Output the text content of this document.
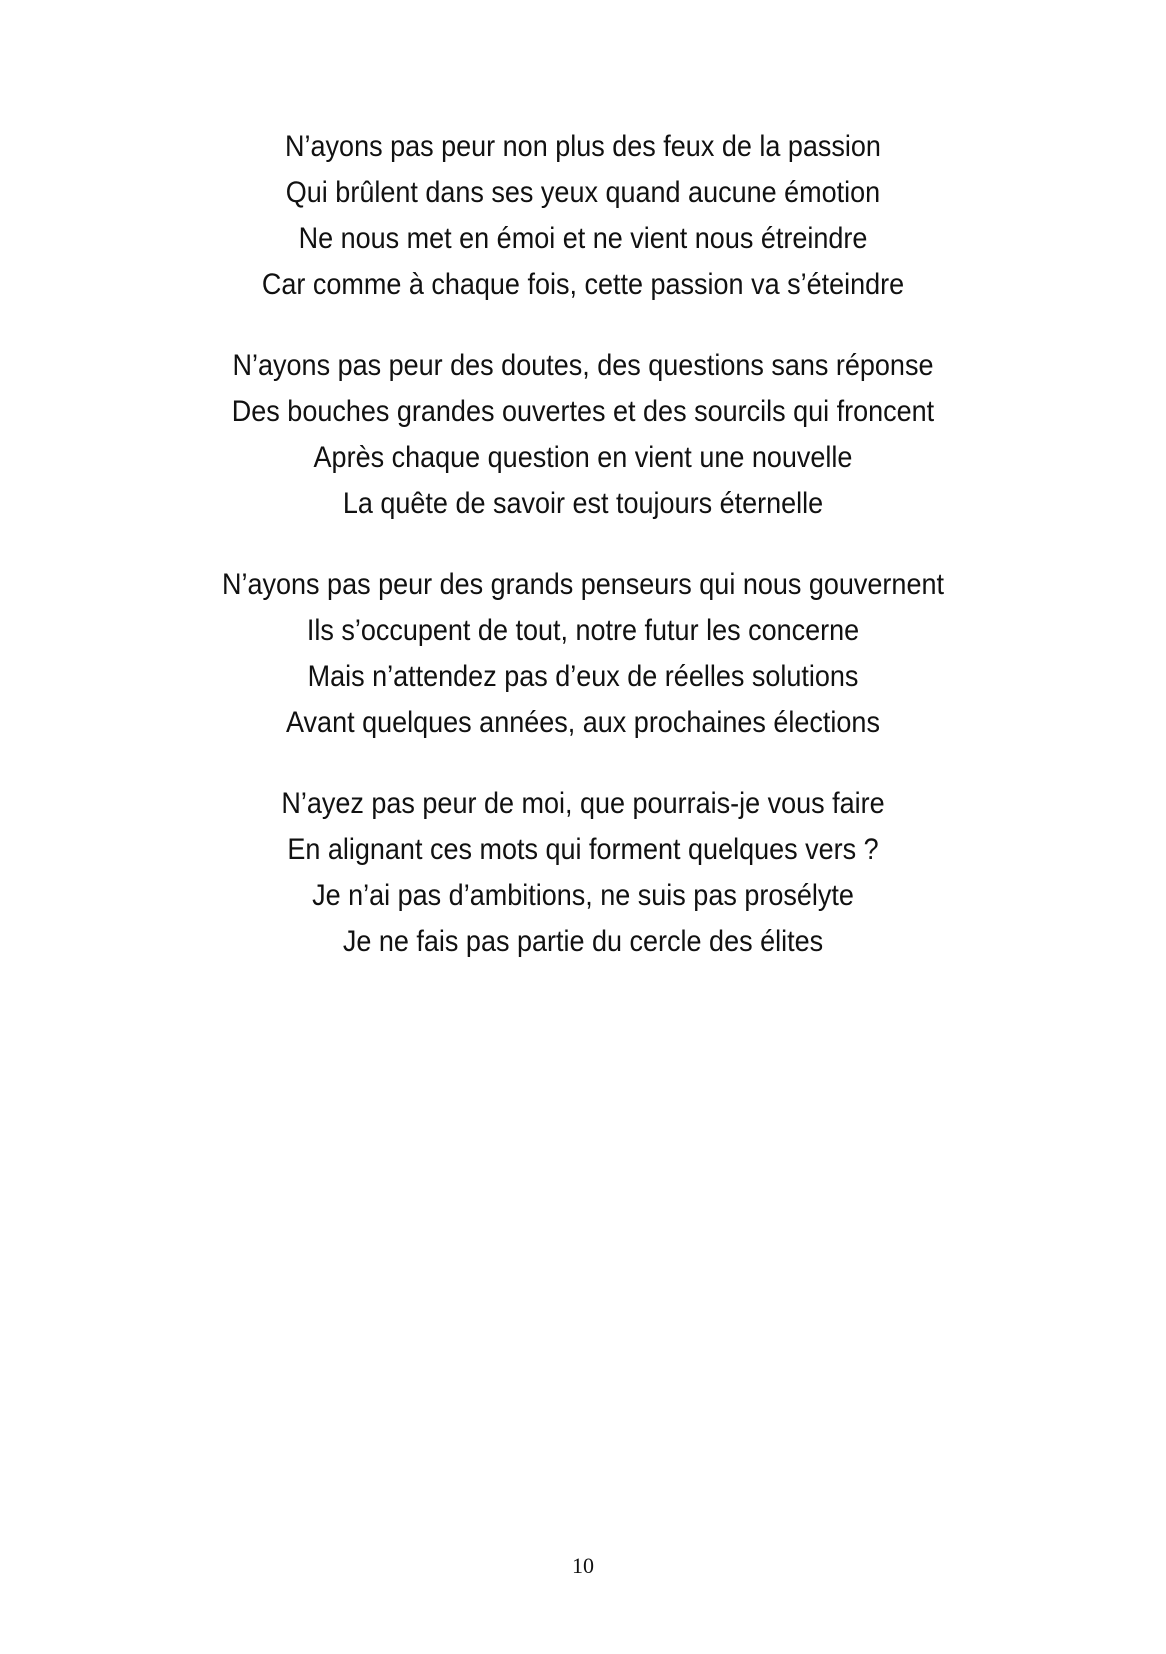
N’ayons pas peur non plus des feux de la passion
Qui brûlent dans ses yeux quand aucune émotion
Ne nous met en émoi et ne vient nous étreindre
Car comme à chaque fois, cette passion va s’éteindre
N’ayons pas peur des doutes, des questions sans réponse
Des bouches grandes ouvertes et des sourcils qui froncent
Après chaque question en vient une nouvelle
La quête de savoir est toujours éternelle
N’ayons pas peur des grands penseurs qui nous gouvernent
Ils s’occupent de tout, notre futur les concerne
Mais n’attendez pas d’eux de réelles solutions
Avant quelques années, aux prochaines élections
N’ayez pas peur de moi, que pourrais-je vous faire
En alignant ces mots qui forment quelques vers ?
Je n’ai pas d’ambitions, ne suis pas prosélyte
Je ne fais pas partie du cercle des élites
10
